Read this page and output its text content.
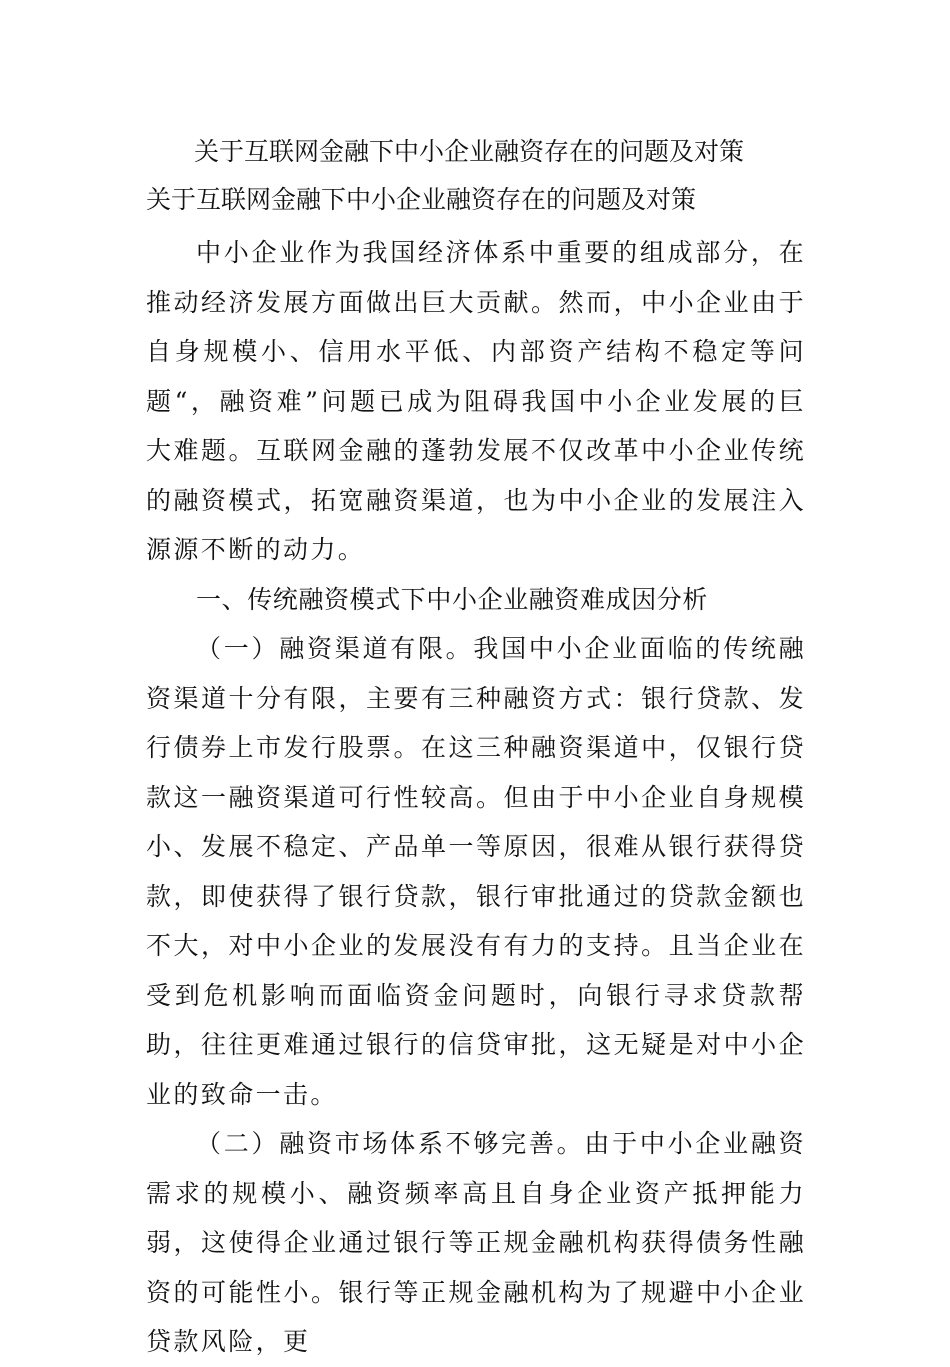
关于互联网金融下中小企业融资存在的问题及对策
关于互联网金融下中小企业融资存在的问题及对策

中小企业作为我国经济体系中重要的组成部分，在推动经济发展方面做出巨大贡献。然而，中小企业由于自身规模小、信用水平低、内部资产结构不稳定等问题“，融资难”问题已成为阻碍我国中小企业发展的巨大难题。互联网金融的蓬勃发展不仅改革中小企业传统的融资模式，拓宽融资渠道，也为中小企业的发展注入源源不断的动力。

一、传统融资模式下中小企业融资难成因分析

（一）融资渠道有限。我国中小企业面临的传统融资渠道十分有限，主要有三种融资方式：银行贷款、发行债券上市发行股票。在这三种融资渠道中，仅银行贷款这一融资渠道可行性较高。但由于中小企业自身规模小、发展不稳定、产品单一等原因，很难从银行获得贷款，即使获得了银行贷款，银行审批通过的贷款金额也不大，对中小企业的发展没有有力的支持。且当企业在受到危机影响而面临资金问题时，向银行寻求贷款帮助，往往更难通过银行的信贷审批，这无疑是对中小企业的致命一击。

（二）融资市场体系不够完善。由于中小企业融资需求的规模小、融资频率高且自身企业资产抵押能力弱，这使得企业通过银行等正规金融机构获得债务性融资的可能性小。银行等正规金融机构为了规避中小企业贷款风险，更
